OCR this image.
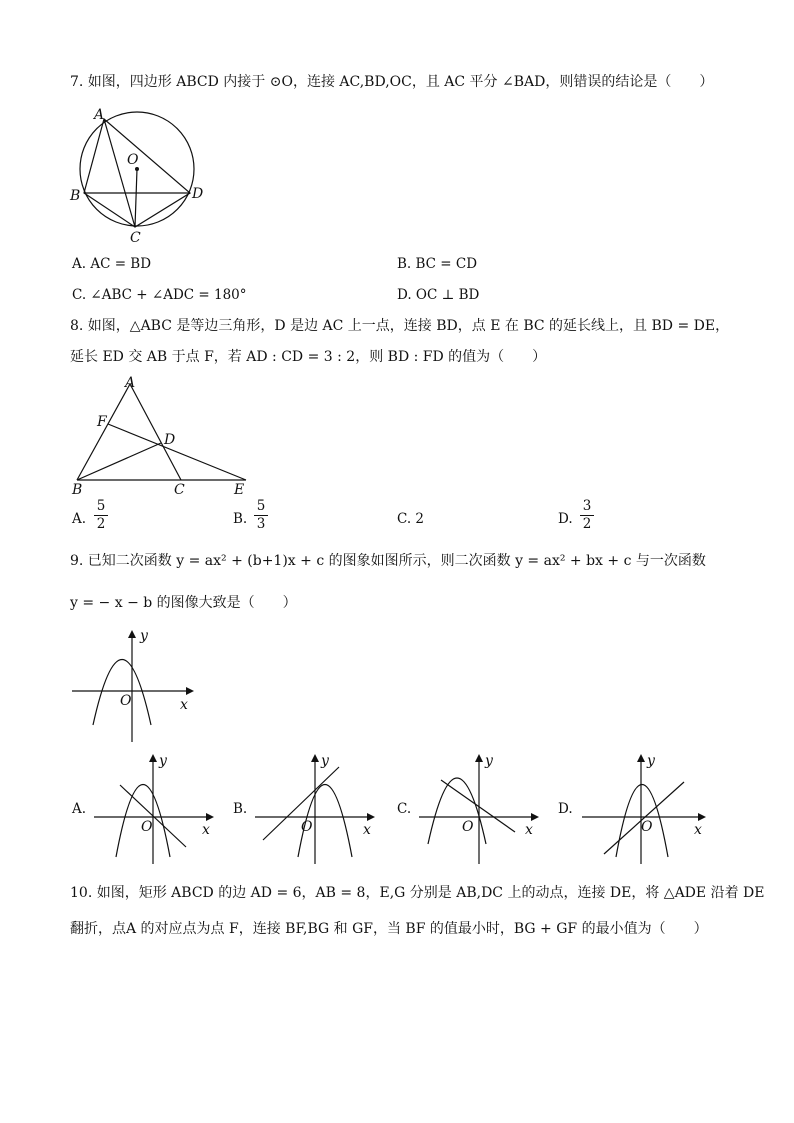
7. 如图，四边形 ABCD 内接于 ⊙O，连接 AC,BD,OC，且 AC 平分 ∠BAD，则错误的结论是（　　）
A
O
B	D
C
A. AC = BD	B. BC = CD
C. ∠ABC + ∠ADC = 180°	D. OC ⊥ BD
8. 如图，△ABC 是等边三角形，D 是边 AC 上一点，连接 BD，点 E 在 BC 的延长线上，且 BD = DE，
延长 ED 交 AB 于点 F，若 AD : CD = 3 : 2，则 BD : FD 的值为（　　）
A
F
D
B	C	E
A.
5
2	B.
5
3	C. 2	D.
3
2
9. 已知二次函数 y = ax² + (b+1)x + c 的图象如图所示，则二次函数 y = ax² + bx + c 与一次函数
y = − x − b 的图像大致是（　　）
y
O	x
A.
y
O	x
B.
y
O	x
C.
y
O	x
D.
y
O	x
10. 如图，矩形 ABCD 的边 AD = 6，AB = 8，E,G 分别是 AB,DC 上的动点，连接 DE，将 △ADE 沿着 DE
翻折，点A 的对应点为点 F，连接 BF,BG 和 GF，当 BF 的值最小时，BG + GF 的最小值为（　　）
